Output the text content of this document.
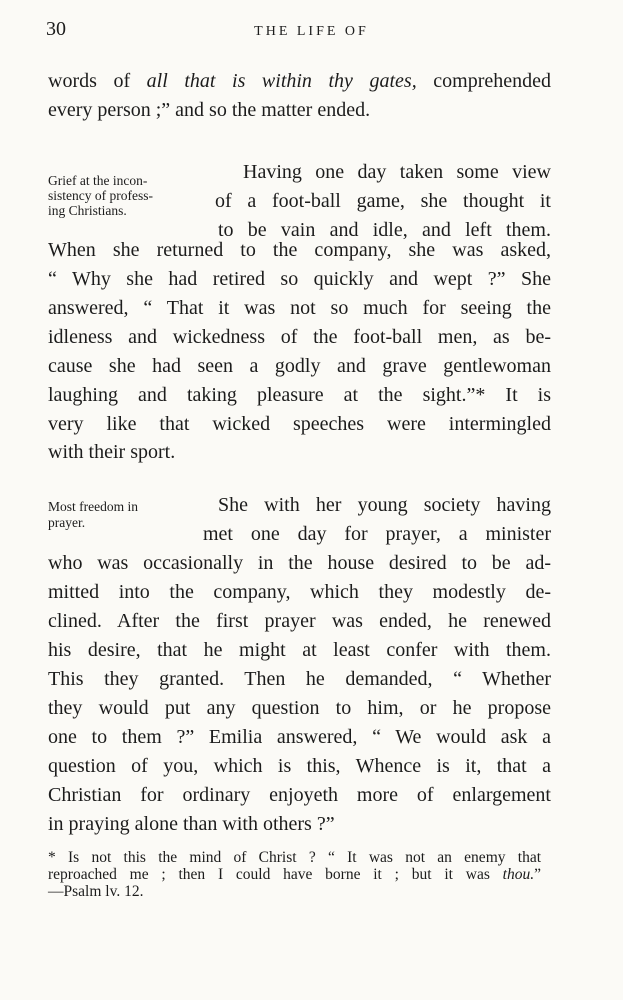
30	THE LIFE OF
words of all that is within thy gates, comprehended
every person ;” and so the matter ended.
Grief at the incon-
sistency of profess-
ing Christians.
Having one day taken some view
of a foot-ball game, she thought it
to be vain and idle, and left them.
When she returned to the company, she was asked,
“ Why she had retired so quickly and wept ?” She
answered, “ That it was not so much for seeing the
idleness and wickedness of the foot-ball men, as be-
cause she had seen a godly and grave gentlewoman
laughing and taking pleasure at the sight.”* It is
very like that wicked speeches were intermingled
with their sport.
Most freedom in
prayer.
She with her young society having
met one day for prayer, a minister
who was occasionally in the house desired to be ad-
mitted into the company, which they modestly de-
clined. After the first prayer was ended, he renewed
his desire, that he might at least confer with them.
This they granted. Then he demanded, “ Whether
they would put any question to him, or he propose
one to them ?” Emilia answered, “ We would ask a
question of you, which is this, Whence is it, that a
Christian for ordinary enjoyeth more of enlargement
in praying alone than with others ?”
* Is not this the mind of Christ ? “ It was not an enemy that
reproached me ; then I could have borne it ; but it was thou.”
—Psalm lv. 12.
